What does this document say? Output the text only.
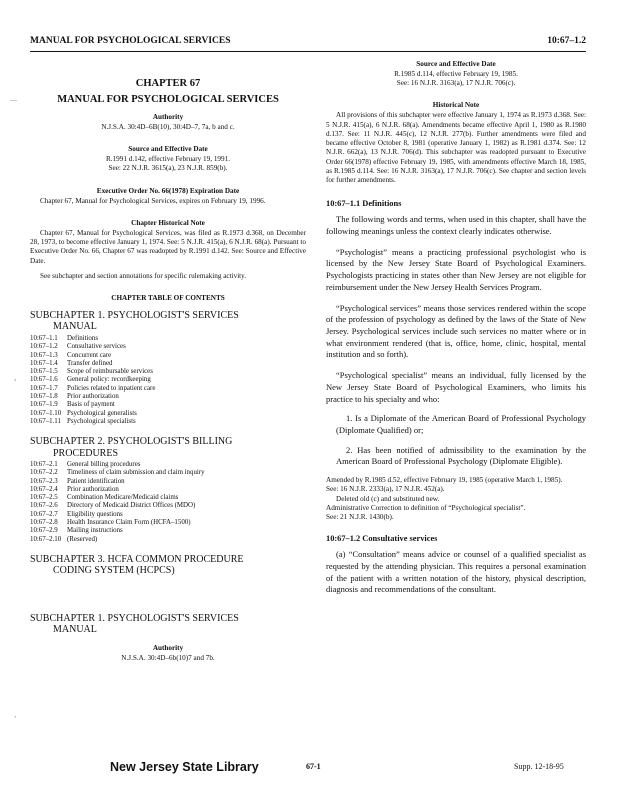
MANUAL FOR PSYCHOLOGICAL SERVICES	10:67–1.2
—
‹
’
CHAPTER 67
MANUAL FOR PSYCHOLOGICAL SERVICES
Authority
N.J.S.A. 30:4D–6B(10), 30:4D–7, 7a, b and c.
Source and Effective Date
R.1991 d.142, effective February 19, 1991.
See: 22 N.J.R. 3615(a), 23 N.J.R. 859(b).
Executive Order No. 66(1978) Expiration Date
Chapter 67, Manual for Psychological Services, expires on February 19, 1996.
Chapter Historical Note
Chapter 67, Manual for Psychological Services, was filed as R.1973 d.368, on December 28, 1973, to become effective January 1, 1974. See: 5 N.J.R. 415(a), 6 N.J.R. 68(a). Pursuant to Executive Order No. 66, Chapter 67 was readopted by R.1991 d.142. See: Source and Effective Date.
See subchapter and section annotations for specific rulemaking activity.
CHAPTER TABLE OF CONTENTS
SUBCHAPTER 1. PSYCHOLOGIST'S SERVICES
MANUAL
10:67–1.1	Definitions
10:67–1.2	Consultative services
10:67–1.3	Concurrent care
10:67–1.4	Transfer defined
10:67–1.5	Scope of reimbursable services
10:67–1.6	General policy: recordkeeping
10:67–1.7	Policies related to inpatient care
10:67–1.8	Prior authorization
10:67–1.9	Basis of payment
10:67–1.10	Psychological generalists
10:67–1.11	Psychological specialists
SUBCHAPTER 2. PSYCHOLOGIST'S BILLING
PROCEDURES
10:67–2.1	General billing procedures
10:67–2.2	Timeliness of claim submission and claim inquiry
10:67–2.3	Patient identification
10:67–2.4	Prior authorization
10:67–2.5	Combination Medicare/Medicaid claims
10:67–2.6	Directory of Medicaid District Offices (MDO)
10:67–2.7	Eligibility questions
10:67–2.8	Health Insurance Claim Form (HCFA–1500)
10:67–2.9	Mailing instructions
10:67–2.10	(Reserved)
SUBCHAPTER 3. HCFA COMMON PROCEDURE
CODING SYSTEM (HCPCS)
SUBCHAPTER 1. PSYCHOLOGIST'S SERVICES
MANUAL
Authority
N.J.S.A. 30:4D–6b(10)7 and 7b.
Source and Effective Date
R.1985 d.114, effective February 19, 1985.
See: 16 N.J.R. 3163(a), 17 N.J.R. 706(c).
Historical Note
All provisions of this subchapter were effective January 1, 1974 as R.1973 d.368. See: 5 N.J.R. 415(a), 6 N.J.R. 68(a). Amendments became effective April 1, 1980 as R.1980 d.137. See: 11 N.J.R. 445(c), 12 N.J.R. 277(b). Further amendments were filed and became effective October 8, 1981 (operative January 1, 1982) as R.1981 d.374. See: 12 N.J.R. 662(a), 13 N.J.R. 706(d). This subchapter was readopted pursuant to Executive Order 66(1978) effective February 19, 1985, with amendments effective March 18, 1985, as R.1985 d.114. See: 16 N.J.R. 3163(a), 17 N.J.R. 706(c). See chapter and section levels for further amendments.
10:67–1.1 Definitions

The following words and terms, when used in this chapter, shall have the following meanings unless the context clearly indicates otherwise.

“Psychologist” means a practicing professional psychologist who is licensed by the New Jersey State Board of Psychological Examiners. Psychologists practicing in states other than New Jersey are not eligible for reimbursement under the New Jersey Health Services Program.

“Psychological services” means those services rendered within the scope of the profession of psychology as defined by the laws of the State of New Jersey. Psychological services include such services no matter where or in what environment rendered (that is, office, home, clinic, hospital, mental institution and so forth).

“Psychological specialist” means an individual, fully licensed by the New Jersey State Board of Psychological Examiners, who limits his practice to his specialty and who:

1. Is a Diplomate of the American Board of Professional Psychology (Diplomate Qualified) or;

2. Has been notified of admissibility to the examination by the American Board of Professional Psychology (Diplomate Eligible).

Amended by R.1985 d.52, effective February 19, 1985 (operative March 1, 1985).
See: 16 N.J.R. 2333(a), 17 N.J.R. 452(a).
Deleted old (c) and substituted new.
Administrative Correction to definition of “Psychological specialist”.
See: 21 N.J.R. 1430(b).
10:67–1.2 Consultative services

(a) “Consultation” means advice or counsel of a qualified specialist as requested by the attending physician. This requires a personal examination of the patient with a written notation of the history, physical description, diagnosis and recommendations of the consultant.

New Jersey State Library	67-1	Supp. 12-18-95
